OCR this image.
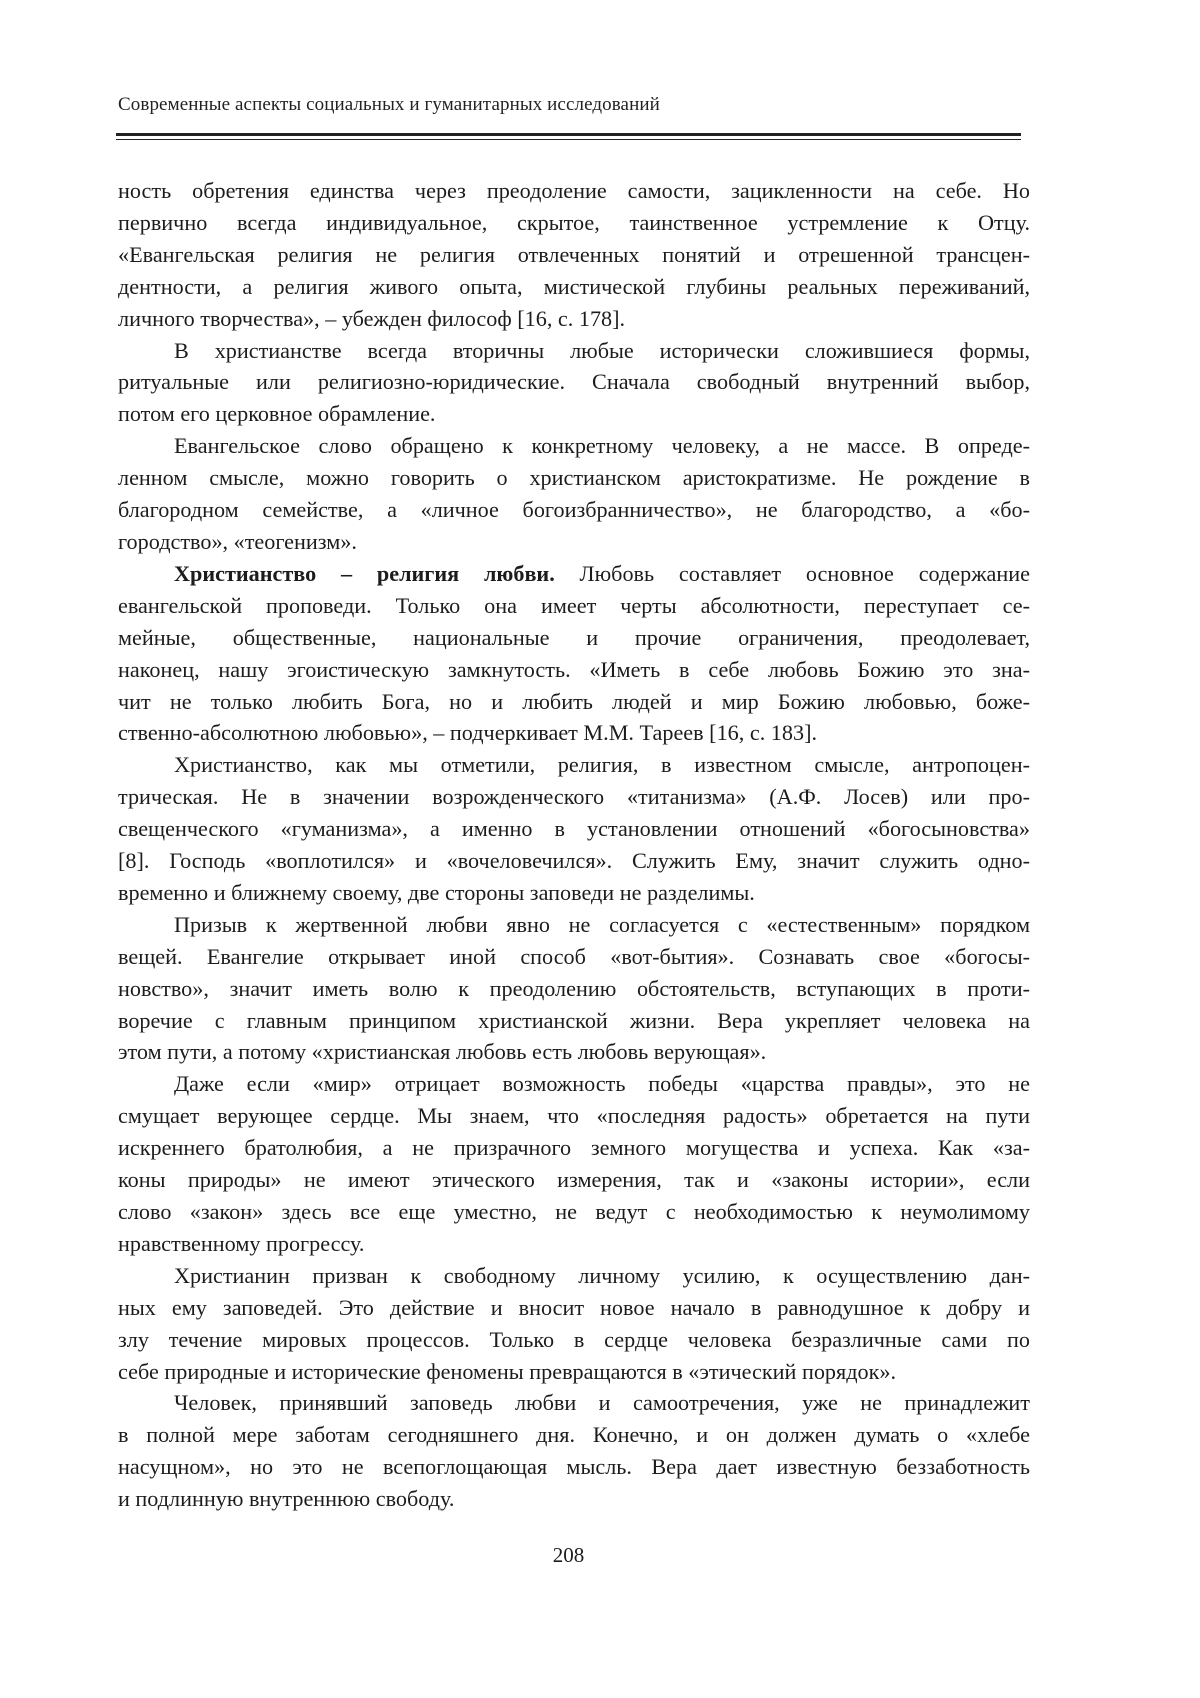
Современные аспекты социальных и гуманитарных исследований
ность обретения единства через преодоление самости, зацикленности на себе. Но
первично всегда индивидуальное, скрытое, таинственное устремление к Отцу.
«Евангельская религия не религия отвлеченных понятий и отрешенной трансцен-
дентности, а религия живого опыта, мистической глубины реальных переживаний,
личного творчества», – убежден философ [16, с. 178].
В христианстве всегда вторичны любые исторически сложившиеся формы,
ритуальные или религиозно-юридические. Сначала свободный внутренний выбор,
потом его церковное обрамление.
Евангельское слово обращено к конкретному человеку, а не массе. В опреде-
ленном смысле, можно говорить о христианском аристократизме. Не рождение в
благородном семействе, а «личное богоизбранничество», не благородство, а «бо-
городство», «теогенизм».
Христианство – религия любви. Любовь составляет основное содержание
евангельской проповеди. Только она имеет черты абсолютности, переступает се-
мейные, общественные, национальные и прочие ограничения, преодолевает,
наконец, нашу эгоистическую замкнутость. «Иметь в себе любовь Божию это зна-
чит не только любить Бога, но и любить людей и мир Божию любовью, боже-
ственно-абсолютною любовью», – подчеркивает М.М. Тареев [16, с. 183].
Христианство, как мы отметили, религия, в известном смысле, антропоцен-
трическая. Не в значении возрожденческого «титанизма» (А.Ф. Лосев) или про-
свещенческого «гуманизма», а именно в установлении отношений «богосыновства»
[8]. Господь «воплотился» и «вочеловечился». Служить Ему, значит служить одно-
временно и ближнему своему, две стороны заповеди не разделимы.
Призыв к жертвенной любви явно не согласуется с «естественным» порядком
вещей. Евангелие открывает иной способ «вот-бытия». Сознавать свое «богосы-
новство», значит иметь волю к преодолению обстоятельств, вступающих в проти-
воречие с главным принципом христианской жизни. Вера укрепляет человека на
этом пути, а потому «христианская любовь есть любовь верующая».
Даже если «мир» отрицает возможность победы «царства правды», это не
смущает верующее сердце. Мы знаем, что «последняя радость» обретается на пути
искреннего братолюбия, а не призрачного земного могущества и успеха. Как «за-
коны природы» не имеют этического измерения, так и «законы истории», если
слово «закон» здесь все еще уместно, не ведут с необходимостью к неумолимому
нравственному прогрессу.
Христианин призван к свободному личному усилию, к осуществлению дан-
ных ему заповедей. Это действие и вносит новое начало в равнодушное к добру и
злу течение мировых процессов. Только в сердце человека безразличные сами по
себе природные и исторические феномены превращаются в «этический порядок».
Человек, принявший заповедь любви и самоотречения, уже не принадлежит
в полной мере заботам сегодняшнего дня. Конечно, и он должен думать о «хлебе
насущном», но это не всепоглощающая мысль. Вера дает известную беззаботность
и подлинную внутреннюю свободу.
208
